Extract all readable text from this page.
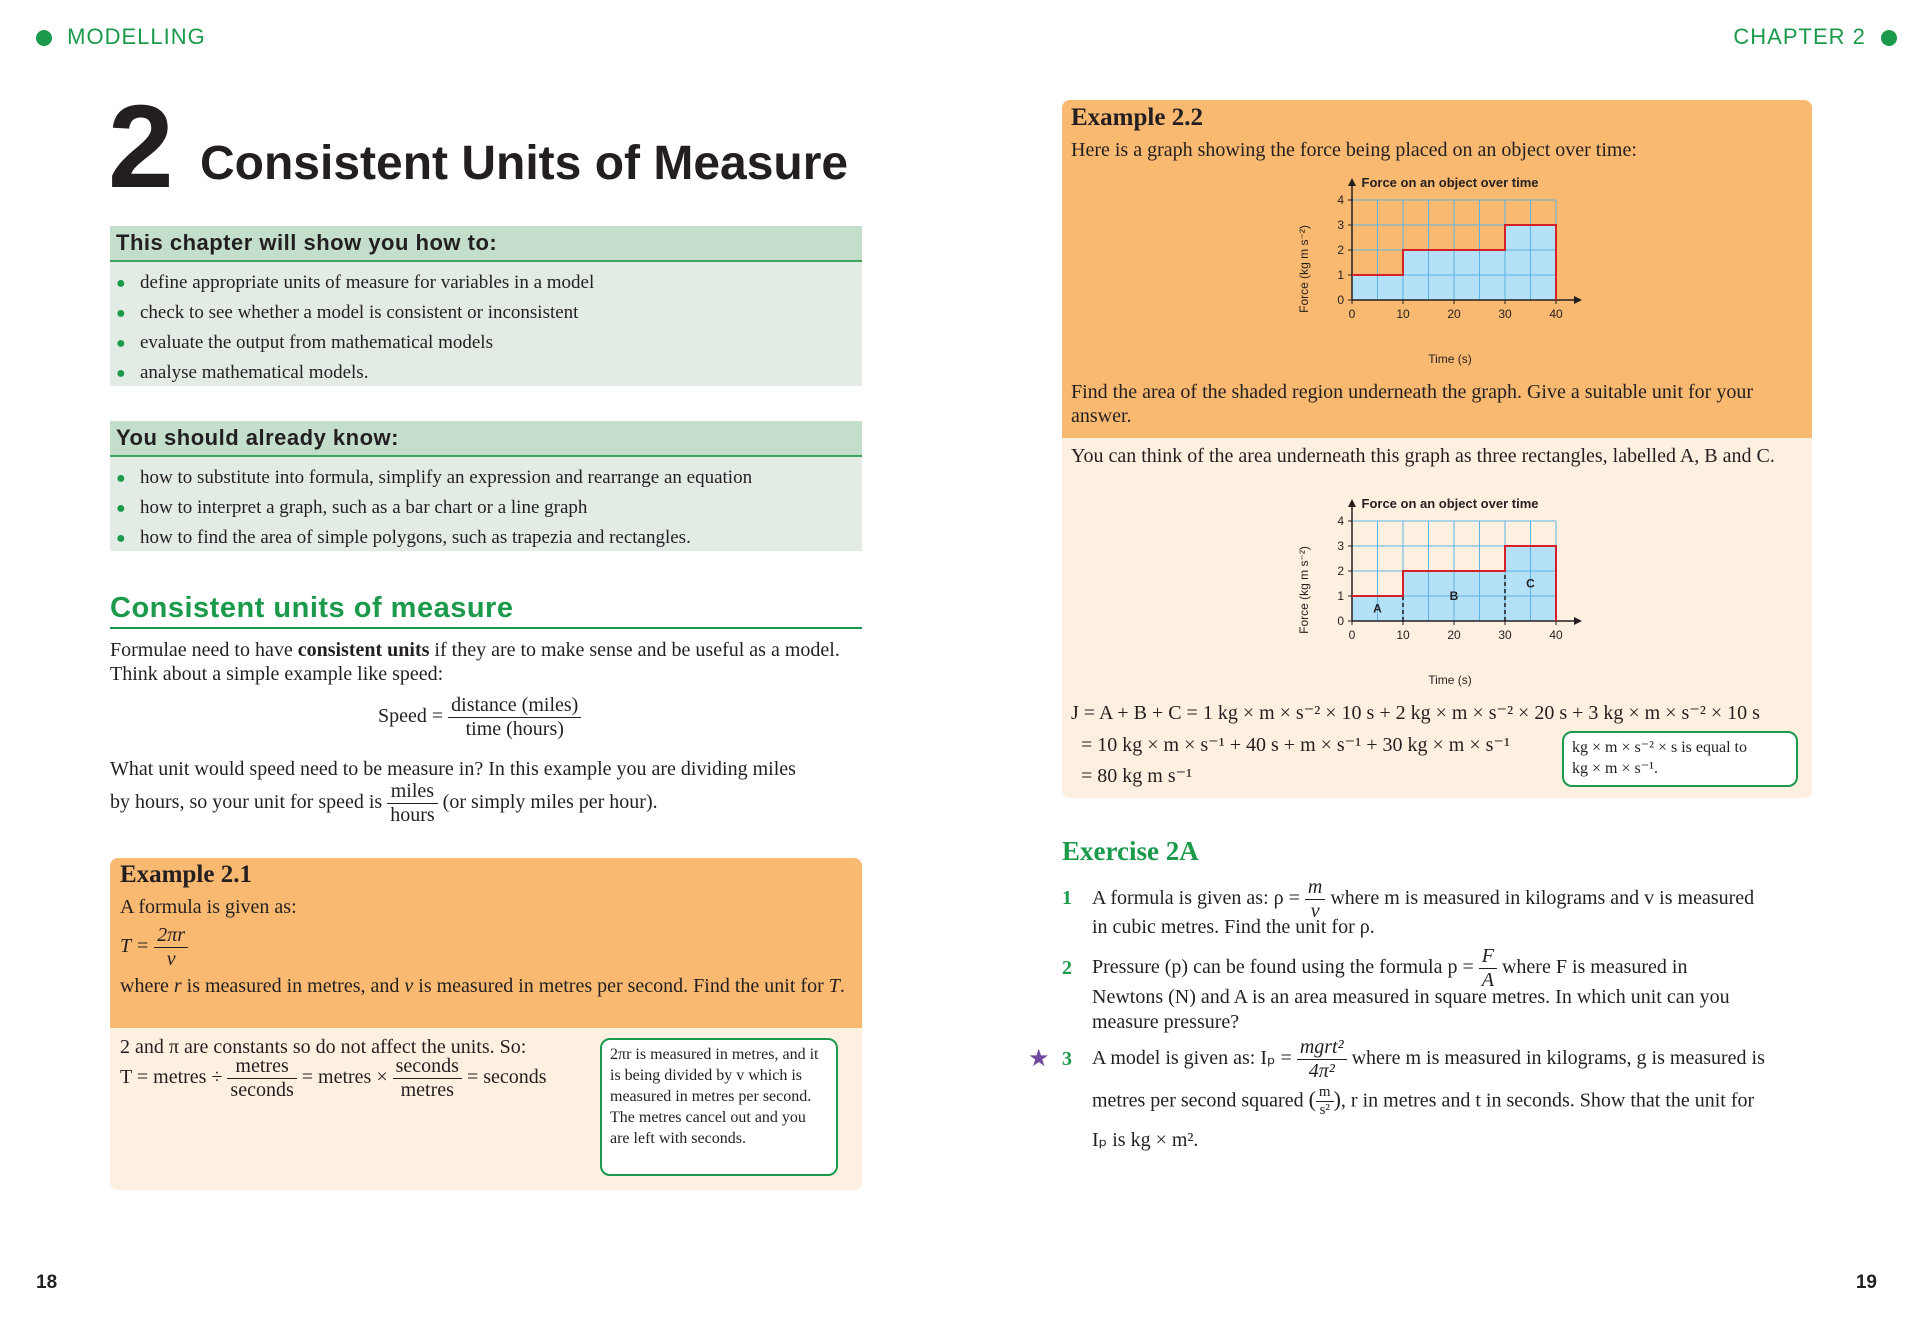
MODELLING	CHAPTER 2
2 Consistent Units of Measure
This chapter will show you how to:
● define appropriate units of measure for variables in a model
● check to see whether a model is consistent or inconsistent
● evaluate the output from mathematical models
● analyse mathematical models.
You should already know:
● how to substitute into formula, simplify an expression and rearrange an equation
● how to interpret a graph, such as a bar chart or a line graph
● how to find the area of simple polygons, such as trapezia and rectangles.
Consistent units of measure
Formulae need to have consistent units if they are to make sense and be useful as a model. Think about a simple example like speed:
Speed = $\frac{\text{distance (miles)}}{\text{time (hours)}}$
What unit would speed need to be measure in? In this example you are dividing miles
by hours, so your unit for speed is $\frac{\text{miles}}{\text{hours}} (or$ simply miles per hour).
Example 2.1
A formula is given as:
$T = \frac{2\pi r}{v}$
where r is measured in metres, and v is measured in metres per second. Find the unit for T.
2 and π are constants so do not affect the units. So:
T = metres ÷ $\frac{\text{metres}}{\text{seconds}}$ = metres × $\frac{\text{seconds}}{\text{metres}}$ = seconds
2πr is measured in metres, and it is being divided by v which is measured in metres per second. The metres cancel out and you are left with seconds.
Example 2.2
Here is a graph showing the force being placed on an object over time:
Force on an object over time
Force (kg m s⁻²)
Time (s)
0	10	20	30	40
0
1
2
3
4
Find the area of the shaded region underneath the graph. Give a suitable unit for your answer.
You can think of the area underneath this graph as three rectangles, labelled A, B and C.
Force on an object over time
Force (kg m s⁻²)
Time (s)
0	10	20	30	40
0
1
2
3
4
A
B
C
J = A + B + C = 1 kg × m × s⁻² × 10 s + 2 kg × m × s⁻² × 20 s + 3 kg × m × s⁻² × 10 s
= 10 kg × m × s⁻¹ + 40 s + m × s⁻¹ + 30 kg × m × s⁻¹
= 80 kg m s⁻¹
kg × m × s⁻² × s is equal to
kg × m × s⁻¹.
Exercise 2A
1 A formula is given as: $\rho = \frac{m}{v}$ where m is measured in kilograms and v is measured
in cubic metres. Find the unit for ρ.
2 Pressure (p) can be found using the formula $p = \frac{F}{A}$ where F is measured in
Newtons (N) and A is an area measured in square metres. In which unit can you
measure pressure?
★ 3 A model is given as: $I_p = \frac{\text{mgrt²}}{\text{4π²}}$ where m is measured in kilograms, g is measured is
metres per second squared ( $\frac{m}{\text{s²}}$ ), r in metres and t in seconds. Show that the unit for
Iₚ is kg × m².
18	19
